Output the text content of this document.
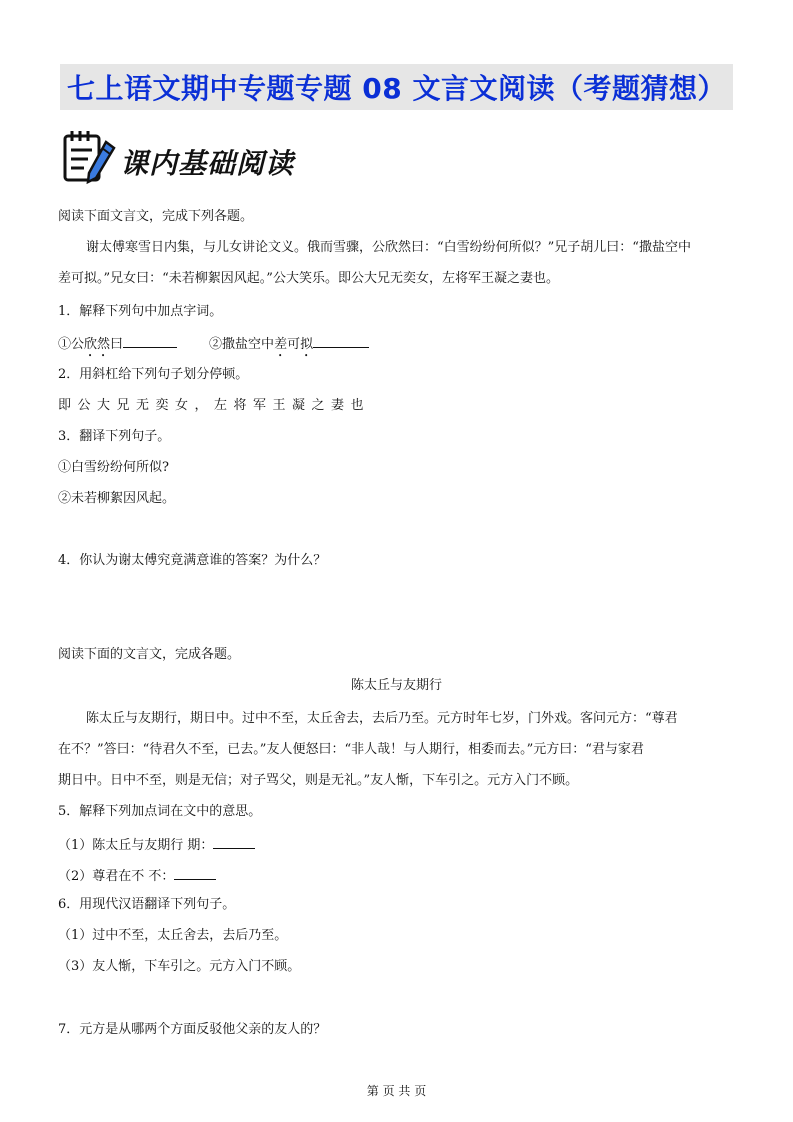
七上语文期中专题专题 08 文言文阅读（考题猜想）
课内基础阅读
阅读下面文言文，完成下列各题。
谢太傅寒雪日内集，与儿女讲论文义。俄而雪骤，公欣然曰：“白雪纷纷何所似？”兄子胡儿曰：“撒盐空中
差可拟。”兄女曰：“未若柳絮因风起。”公大笑乐。即公大兄无奕女，左将军王凝之妻也。
1．解释下列句中加点字词。
①公欣然曰	②撒盐空中差可拟
2．用斜杠给下列句子划分停顿。
即公大兄无奕女，左将军王凝之妻也
3．翻译下列句子。
①白雪纷纷何所似?
②未若柳絮因风起。
4．你认为谢太傅究竟满意谁的答案？为什么？
阅读下面的文言文，完成各题。
陈太丘与友期行
陈太丘与友期行，期日中。过中不至，太丘舍去，去后乃至。元方时年七岁，门外戏。客问元方：“尊君
在不？”答曰：“待君久不至，已去。”友人便怒曰：“非人哉！与人期行，相委而去。”元方曰：“君与家君
期日中。日中不至，则是无信；对子骂父，则是无礼。”友人惭，下车引之。元方入门不顾。
5．解释下列加点词在文中的意思。
（1）陈太丘与友期行 期：
（2）尊君在不 不：
6．用现代汉语翻译下列句子。
（1）过中不至，太丘舍去，去后乃至。
（3）友人惭，下车引之。元方入门不顾。
7．元方是从哪两个方面反驳他父亲的友人的？
第 页 共 页
